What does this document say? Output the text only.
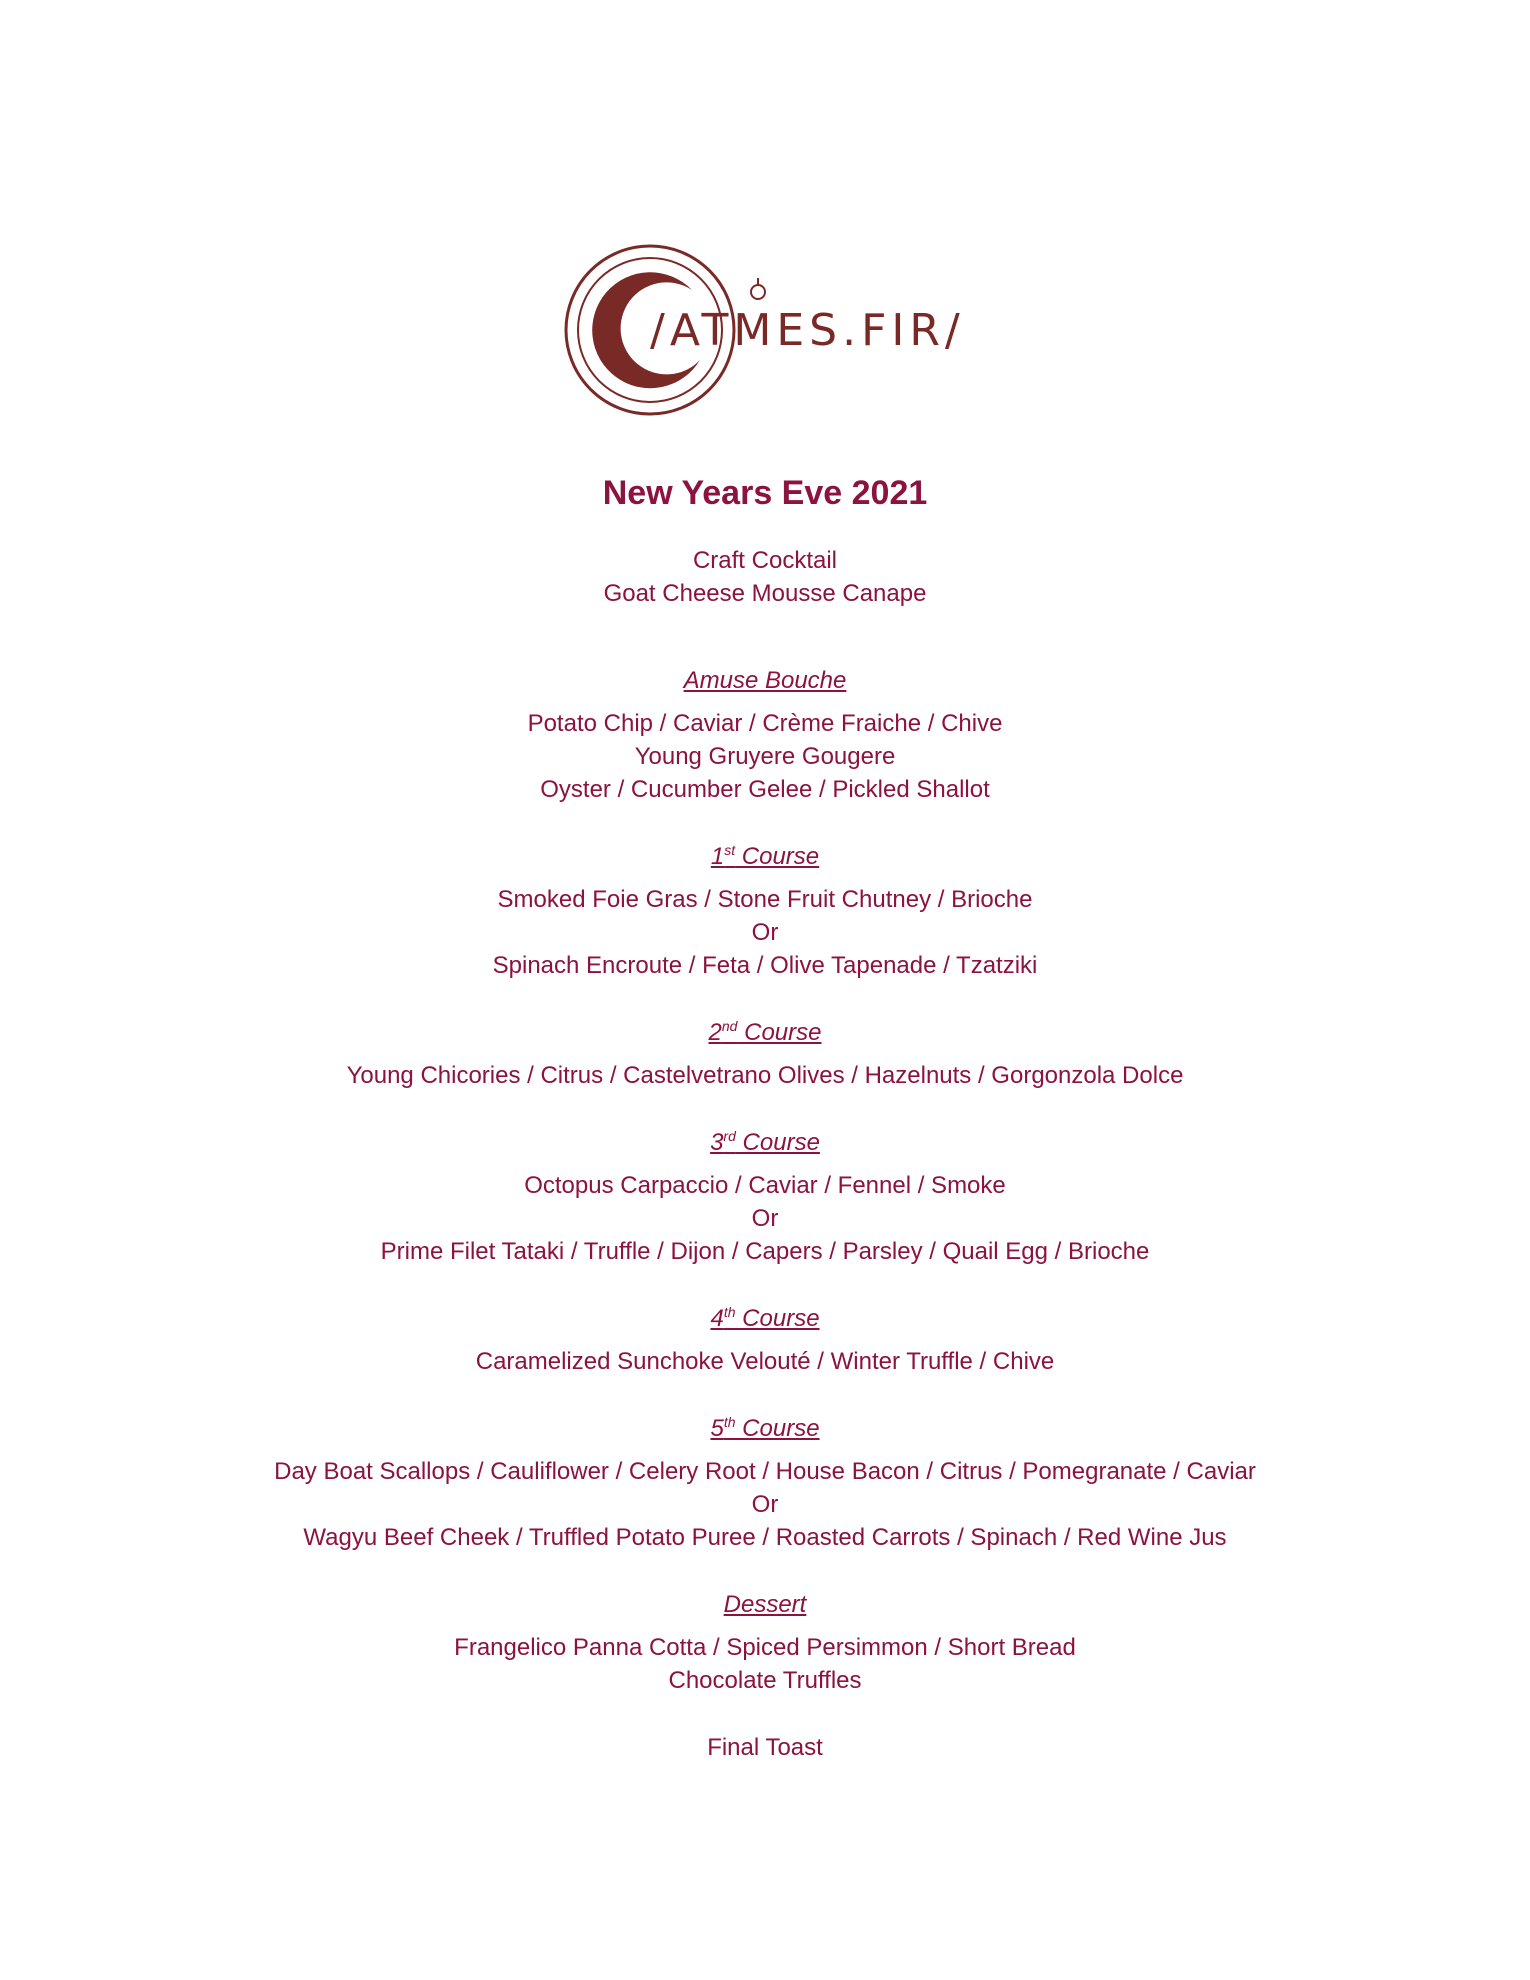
/ATMES.FIR/
New Years Eve 2021
Craft Cocktail
Goat Cheese Mousse Canape
Amuse Bouche
Potato Chip / Caviar / Crème Fraiche / Chive
Young Gruyere Gougere
Oyster / Cucumber Gelee / Pickled Shallot
1st Course
Smoked Foie Gras / Stone Fruit Chutney / Brioche
Or
Spinach Encroute / Feta / Olive Tapenade / Tzatziki
2nd Course
Young Chicories / Citrus / Castelvetrano Olives / Hazelnuts / Gorgonzola Dolce
3rd Course
Octopus Carpaccio / Caviar / Fennel / Smoke
Or
Prime Filet Tataki / Truffle / Dijon / Capers / Parsley / Quail Egg / Brioche
4th Course
Caramelized Sunchoke Velouté / Winter Truffle / Chive
5th Course
Day Boat Scallops / Cauliflower / Celery Root / House Bacon / Citrus / Pomegranate / Caviar
Or
Wagyu Beef Cheek / Truffled Potato Puree / Roasted Carrots / Spinach / Red Wine Jus
Dessert
Frangelico Panna Cotta / Spiced Persimmon / Short Bread
Chocolate Truffles
Final Toast
